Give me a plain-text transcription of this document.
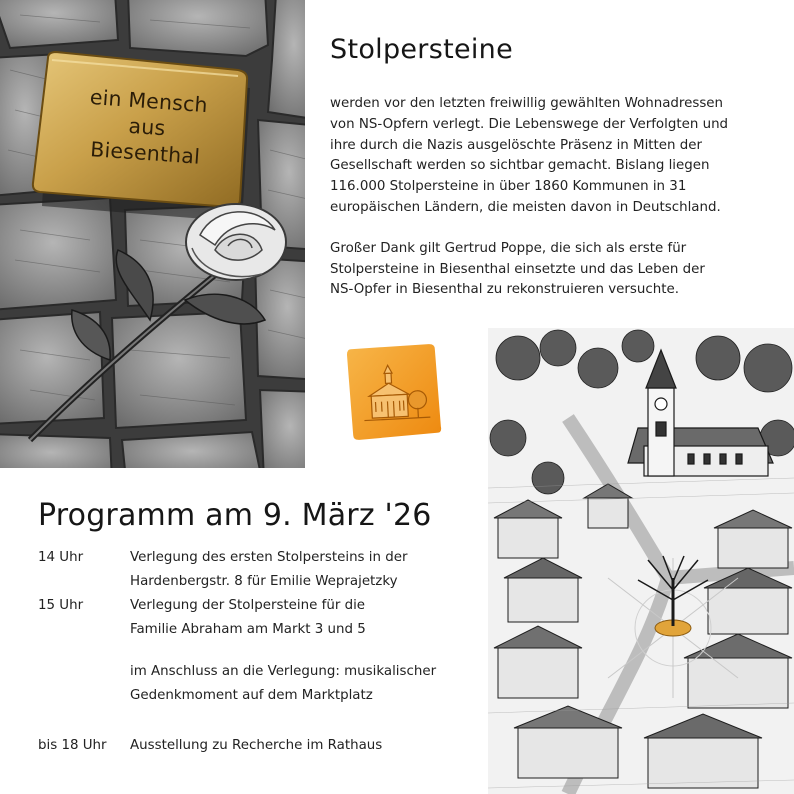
ein Mensch
aus
Biesenthal
Stolpersteine

werden vor den letzten freiwillig gewählten Wohnadressen
von NS-Opfern verlegt. Die Lebenswege der Verfolgten und
ihre durch die Nazis ausgelöschte Präsenz in Mitten der
Gesellschaft werden so sichtbar gemacht. Bislang liegen
116.000 Stolpersteine in über 1860 Kommunen in 31
europäischen Ländern, die meisten davon in Deutschland.

Großer Dank gilt Gertrud Poppe, die sich als erste für
Stolpersteine in Biesenthal einsetzte und das Leben der
NS-Opfer in Biesenthal zu rekonstruieren versuchte.

Programm am 9. März '26
14 Uhr	Verlegung des ersten Stolpersteins in der
Hardenbergstr. 8 für Emilie Weprajetzky
15 Uhr	Verlegung der Stolpersteine für die
Familie Abraham am Markt 3 und 5
im Anschluss an die Verlegung: musikalischer
Gedenkmoment auf dem Marktplatz
bis 18 Uhr Ausstellung zu Recherche im Rathaus
